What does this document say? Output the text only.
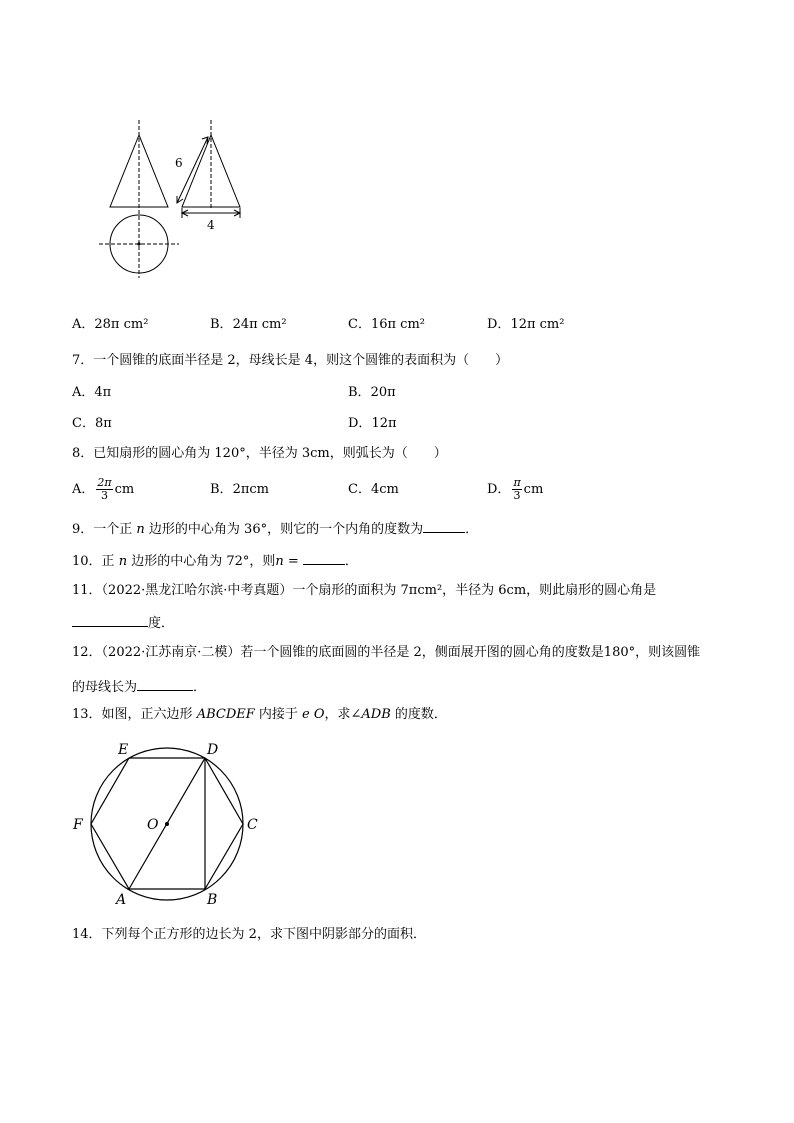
6
4
A．28π cm²	B．24π cm²	C．16π cm²	D．12π cm²
7．一个圆锥的底面半径是 2，母线长是 4，则这个圆锥的表面积为（　　）
A．4π	B．20π
C．8π	D．12π
8．已知扇形的圆心角为 120°，半径为 3cm，则弧长为（　　）
A． $\frac{2\pi}{3}$ cm	B．2πcm	C．4cm	D． $\frac{\pi}{3}$ cm
9．一个正 n 边形的中心角为 36°，则它的一个内角的度数为	．
10．正 n 边形的中心角为 72°，则n =	．
11．（2022·黑龙江哈尔滨·中考真题）一个扇形的面积为 7πcm²，半径为 6cm，则此扇形的圆心角是
度．
12．（2022·江苏南京·二模）若一个圆锥的底面圆的半径是 2，侧面展开图的圆心角的度数是180°，则该圆锥
的母线长为	．
13．如图，正六边形 ABCDEF 内接于 e O，求∠ADB 的度数．
E	D
F	C
A	B
O
14．下列每个正方形的边长为 2，求下图中阴影部分的面积．
